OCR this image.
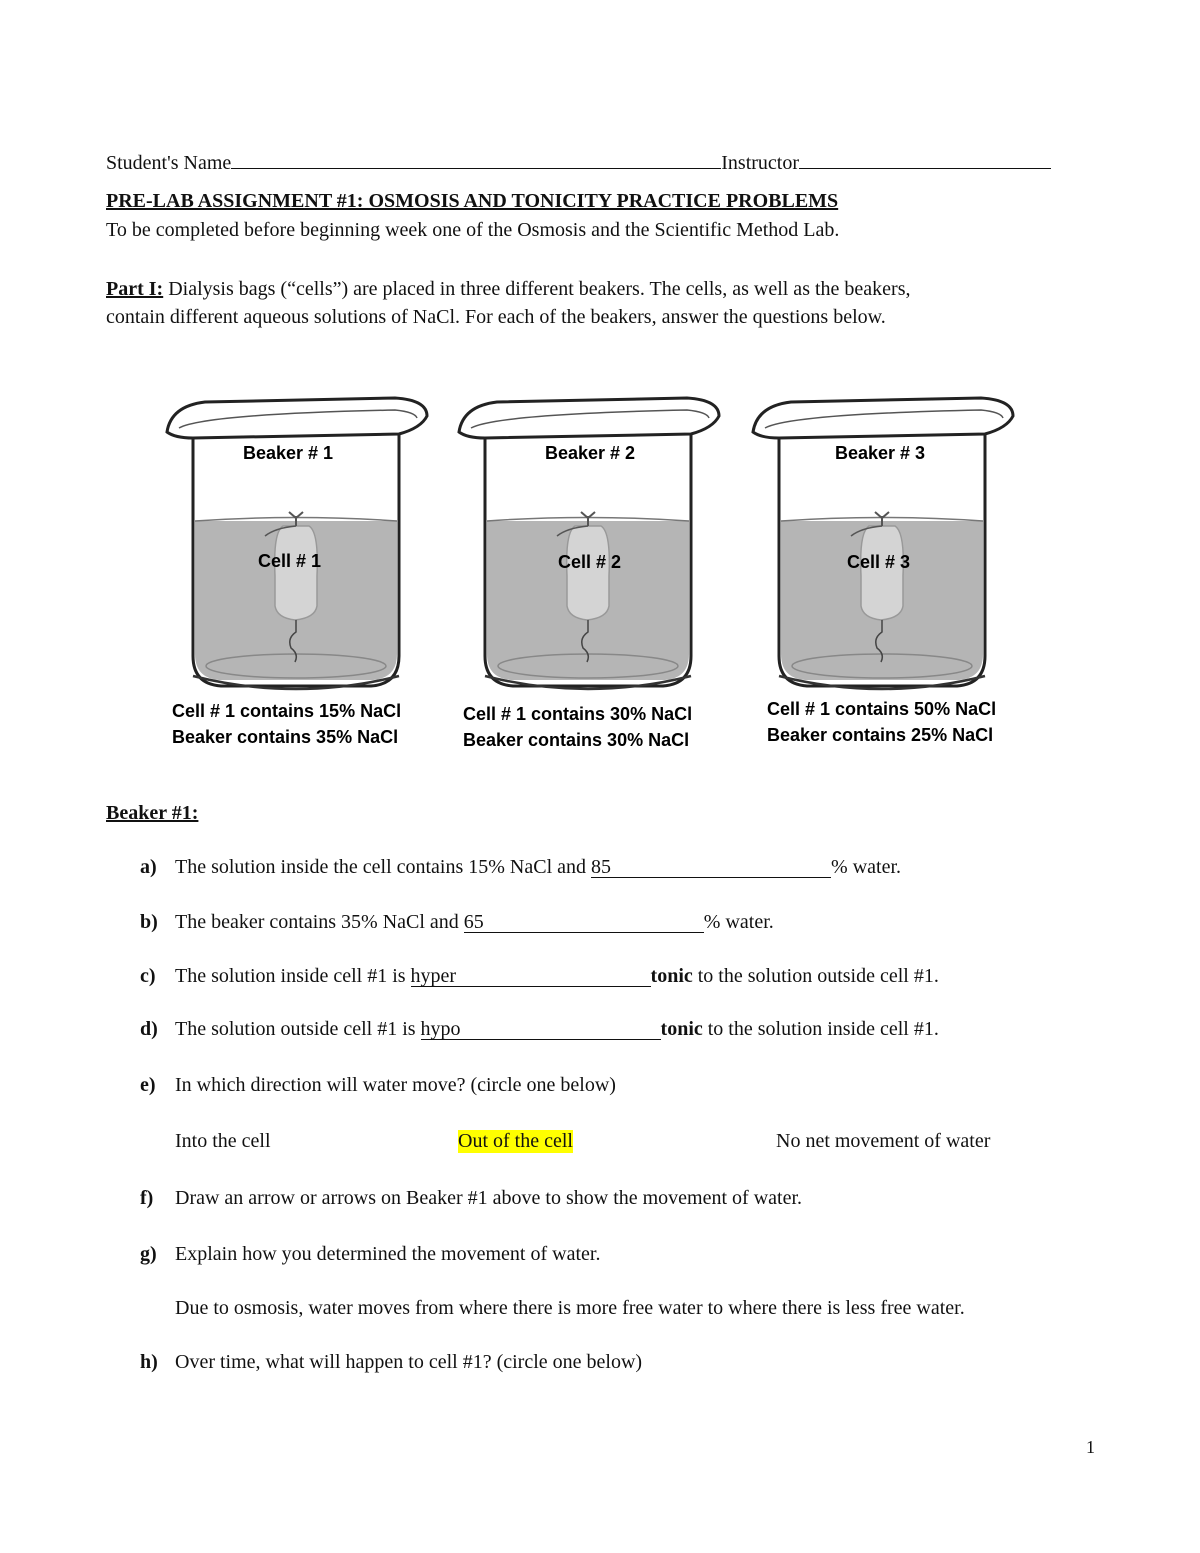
Student's Name	Instructor
PRE-LAB ASSIGNMENT #1: OSMOSIS AND TONICITY PRACTICE PROBLEMS
To be completed before beginning week one of the Osmosis and the Scientific Method Lab.
Part I: Dialysis bags (“cells”) are placed in three different beakers. The cells, as well as the beakers,
contain different aqueous solutions of NaCl. For each of the beakers, answer the questions below.
Beaker # 1	Beaker # 2	Beaker # 3
Cell # 1	Cell # 2	Cell # 3
Cell # 1 contains 15% NaCl
Beaker contains 35% NaCl
Cell # 1 contains 30% NaCl
Beaker contains 30% NaCl
Cell # 1 contains 50% NaCl
Beaker contains 25% NaCl
Beaker #1:
a) The solution inside the cell contains 15% NaCl and 85	% water.
b) The beaker contains 35% NaCl and 65	% water.
c) The solution inside cell #1 is hyper	tonic to the solution outside cell #1.
d) The solution outside cell #1 is hypo	tonic to the solution inside cell #1.
e) In which direction will water move? (circle one below)
Into the cell	Out of the cell	No net movement of water
f) Draw an arrow or arrows on Beaker #1 above to show the movement of water.
g) Explain how you determined the movement of water.
Due to osmosis, water moves from where there is more free water to where there is less free water.
h) Over time, what will happen to cell #1? (circle one below)
1
